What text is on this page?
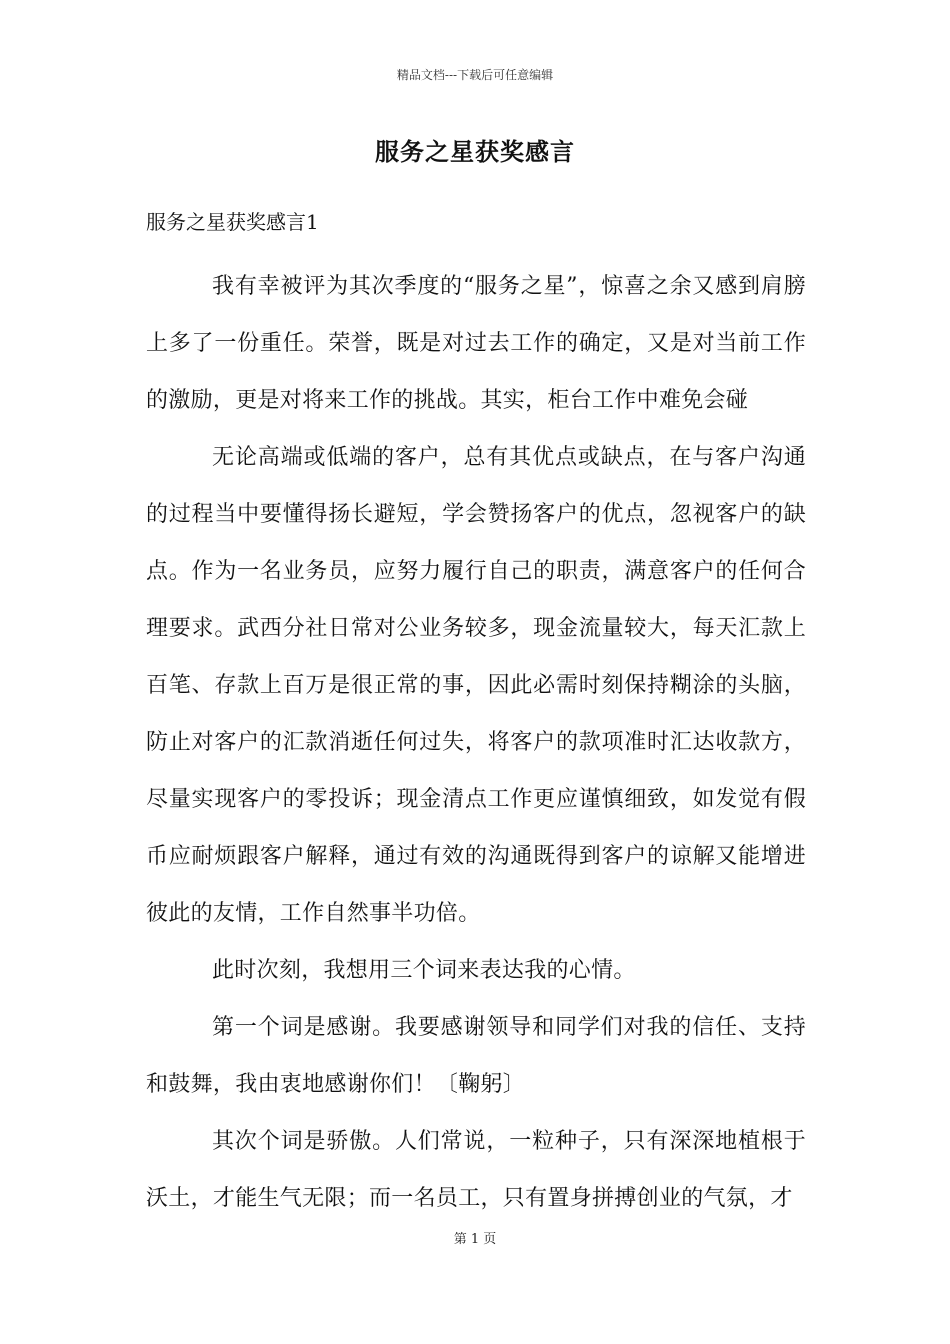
精品文档---下载后可任意编辑
服务之星获奖感言
服务之星获奖感言1

我有幸被评为其次季度的“服务之星”，惊喜之余又感到肩膀上多了一份重任。荣誉，既是对过去工作的确定，又是对当前工作的激励，更是对将来工作的挑战。其实，柜台工作中难免会碰

无论高端或低端的客户，总有其优点或缺点，在与客户沟通的过程当中要懂得扬长避短，学会赞扬客户的优点，忽视客户的缺点。作为一名业务员，应努力履行自己的职责，满意客户的任何合理要求。武西分社日常对公业务较多，现金流量较大，每天汇款上百笔、存款上百万是很正常的事，因此必需时刻保持糊涂的头脑，防止对客户的汇款消逝任何过失，将客户的款项准时汇达收款方，尽量实现客户的零投诉；现金清点工作更应谨慎细致，如发觉有假币应耐烦跟客户解释，通过有效的沟通既得到客户的谅解又能增进彼此的友情，工作自然事半功倍。

此时次刻，我想用三个词来表达我的心情。

第一个词是感谢。我要感谢领导和同学们对我的信任、支持和鼓舞，我由衷地感谢你们！〔鞠躬〕

其次个词是骄傲。人们常说，一粒种子，只有深深地植根于沃土，才能生气无限；而一名员工，只有置身拼搏创业的气氛，才

第 1 页
